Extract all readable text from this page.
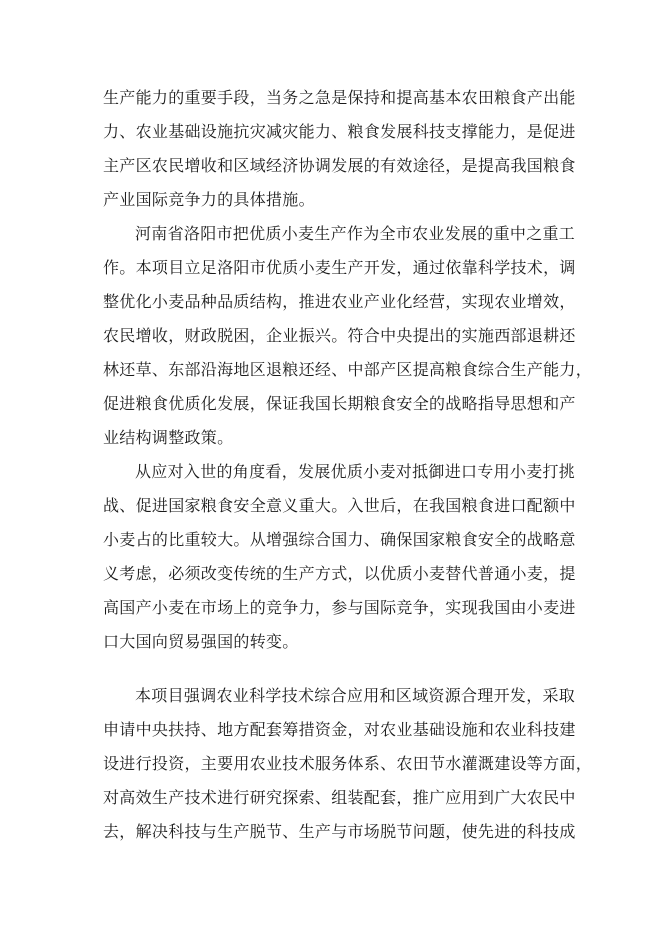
生产能力的重要手段，当务之急是保持和提高基本农田粮食产出能
力、农业基础设施抗灾减灾能力、粮食发展科技支撑能力，是促进
主产区农民增收和区域经济协调发展的有效途径，是提高我国粮食
产业国际竞争力的具体措施。
河南省洛阳市把优质小麦生产作为全市农业发展的重中之重工
作。本项目立足洛阳市优质小麦生产开发，通过依靠科学技术，调
整优化小麦品种品质结构，推进农业产业化经营，实现农业增效，
农民增收，财政脱困，企业振兴。符合中央提出的实施西部退耕还
林还草、东部沿海地区退粮还经、中部产区提高粮食综合生产能力，
促进粮食优质化发展，保证我国长期粮食安全的战略指导思想和产
业结构调整政策。
从应对入世的角度看，发展优质小麦对抵御进口专用小麦打挑
战、促进国家粮食安全意义重大。入世后，在我国粮食进口配额中
小麦占的比重较大。从增强综合国力、确保国家粮食安全的战略意
义考虑，必须改变传统的生产方式，以优质小麦替代普通小麦，提
高国产小麦在市场上的竞争力，参与国际竞争，实现我国由小麦进
口大国向贸易强国的转变。
本项目强调农业科学技术综合应用和区域资源合理开发，采取
申请中央扶持、地方配套筹措资金，对农业基础设施和农业科技建
设进行投资，主要用农业技术服务体系、农田节水灌溉建设等方面，
对高效生产技术进行研究探索、组装配套，推广应用到广大农民中
去，解决科技与生产脱节、生产与市场脱节问题，使先进的科技成
